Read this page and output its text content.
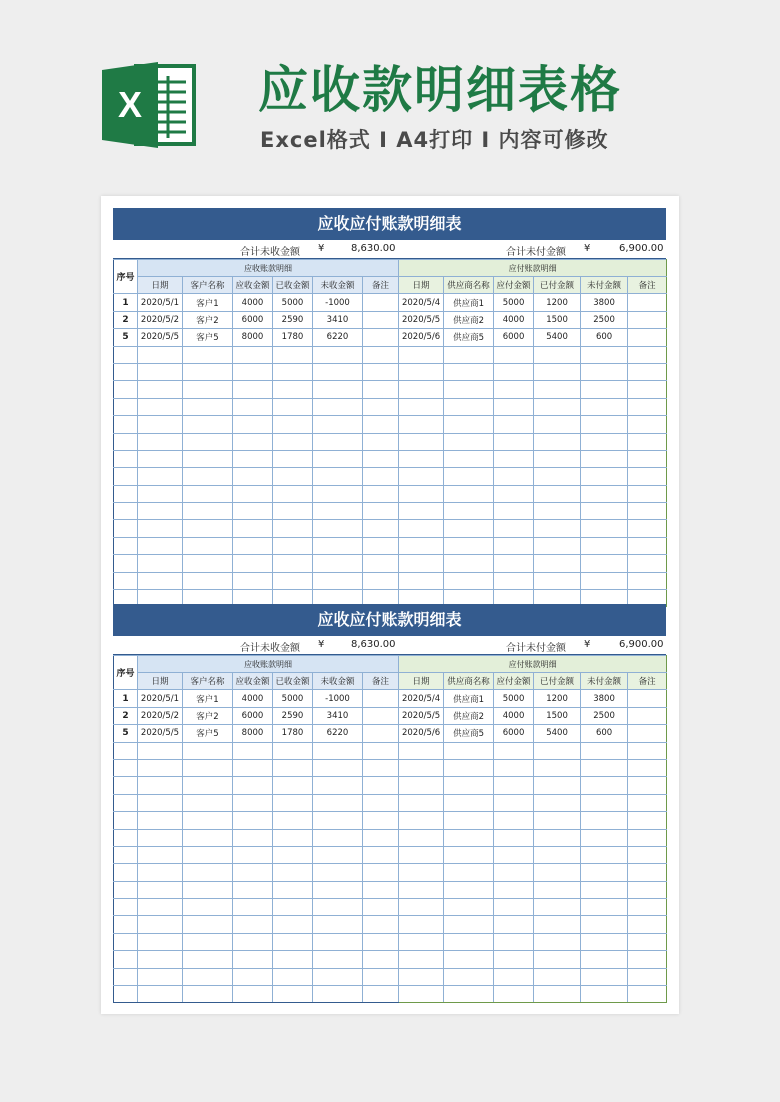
X 应收款明细表格
Excel格式 I A4打印 I 内容可修改
应收应付账款明细表
合计未收金额 ¥	8,630.00	合计未付金额 ¥	6,900.00
序号	应收账款明细						应付账款明细					
	日期	客户名称	应收金额	已收金额	未收金额	备注	日期	供应商名称	应付金额	已付金额	未付金额	备注
1	2020/5/1	客户1	4000	5000	-1000		2020/5/4	供应商1	5000	1200	3800	
2	2020/5/2	客户2	6000	2590	3410		2020/5/5	供应商2	4000	1500	2500	
5	2020/5/5	客户5	8000	1780	6220		2020/5/6	供应商5	6000	5400	600	

应收应付账款明细表
合计未收金额 ¥	8,630.00	合计未付金额 ¥	6,900.00
序号	应收账款明细						应付账款明细					
	日期	客户名称	应收金额	已收金额	未收金额	备注	日期	供应商名称	应付金额	已付金额	未付金额	备注
1	2020/5/1	客户1	4000	5000	-1000		2020/5/4	供应商1	5000	1200	3800	
2	2020/5/2	客户2	6000	2590	3410		2020/5/5	供应商2	4000	1500	2500	
5	2020/5/5	客户5	8000	1780	6220		2020/5/6	供应商5	6000	5400	600	
